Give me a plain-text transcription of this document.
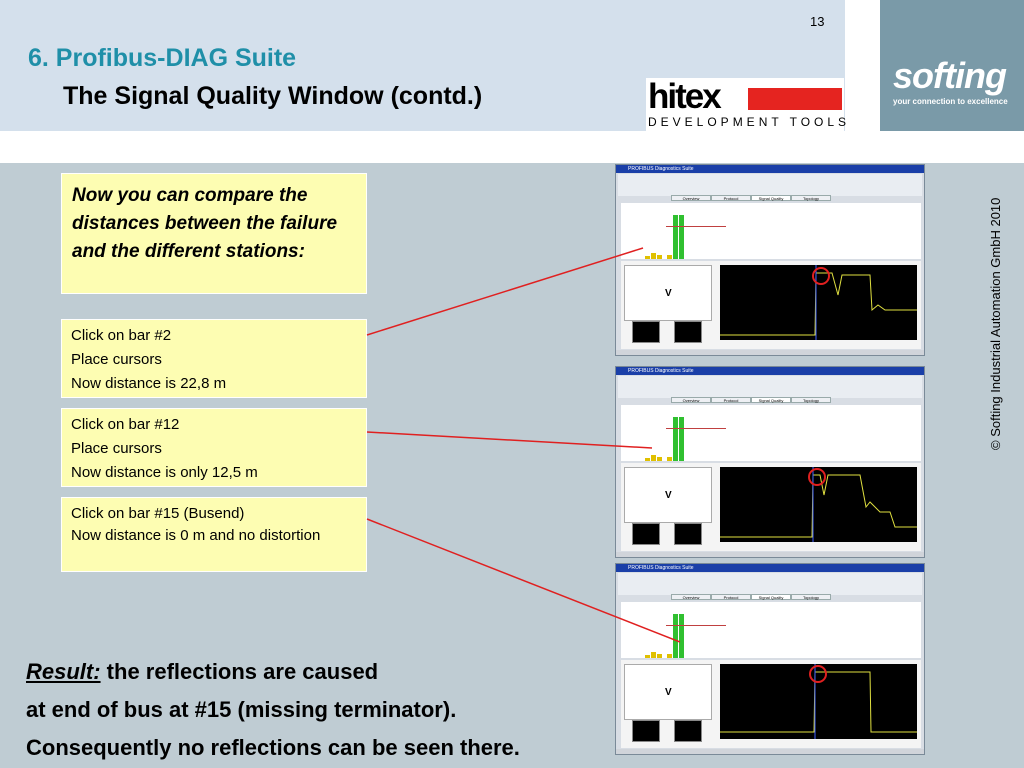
13
6. Profibus-DIAG Suite
The Signal Quality Window (contd.)	hitex
DEVELOPMENT TOOLS
softing
your connection to excellence
© Softing Industrial Automation GmbH 2010
Now you can compare the distances between the failure and the different stations:
Click on bar #2
Place cursors
Now distance is 22,8 m
Click on bar #12
Place cursors
Now distance is only 12,5 m
Click on bar #15 (Busend)
Now distance is 0 m and no distortion
Result: the reflections are caused
at end of bus at #15 (missing terminator).
Consequently no reflections can be seen there.
PROFIBUS Diagnostics Suite
Overview	Protocol	Signal Quality	Topology
V
PROFIBUS Diagnostics Suite
Overview	Protocol	Signal Quality	Topology
V
PROFIBUS Diagnostics Suite
Overview	Protocol	Signal Quality	Topology
V
